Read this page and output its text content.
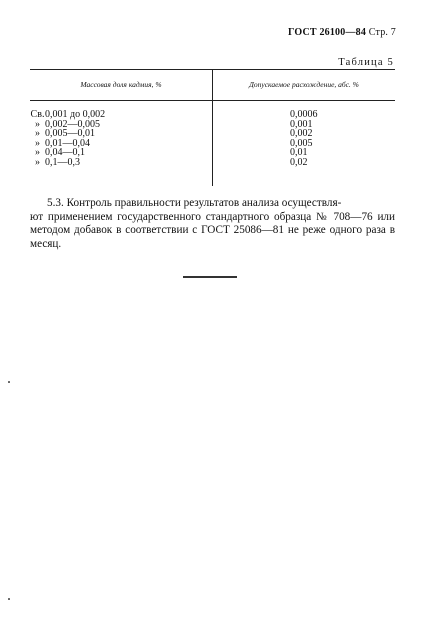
ГОСТ 26100—84 Стр. 7
Таблица 5
Массовая доля кадмия, %	Допускаемое расхождение, абс. %
Св. 0,001 до 0,002
» 0,002—0,005
» 0,005—0,01
» 0,01—0,04
» 0,04—0,1
» 0,1—0,3
0,0006
0,001
0,002
0,005
0,01
0,02
5.3. Контроль правильности результатов анализа осуществля-
ют применением государственного стандартного образца № 708—76 или методом добавок в соответствии с ГОСТ 25086—81 не реже одного раза в месяц.
